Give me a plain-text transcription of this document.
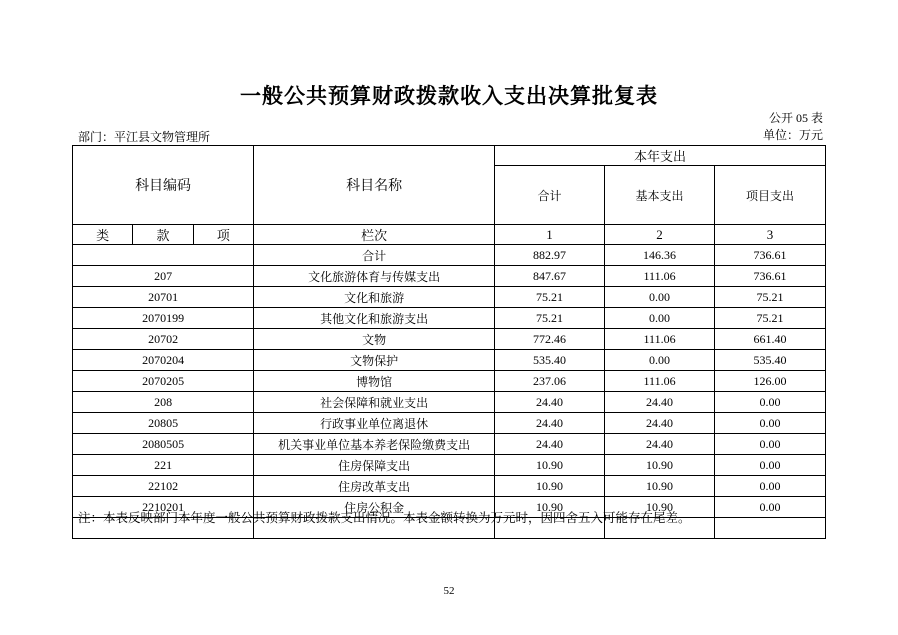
一般公共预算财政拨款收入支出决算批复表
公开 05 表
单位：万元
部门：平江县文物管理所
科目编码			科目名称	本年支出		
				合计	基本支出	项目支出
类	款	项	栏次	1	2	3
			合计	882.97	146.36	736.61
207			文化旅游体育与传媒支出	847.67	111.06	736.61
20701			文化和旅游	75.21	0.00	75.21
2070199			其他文化和旅游支出	75.21	0.00	75.21
20702			文物	772.46	111.06	661.40
2070204			文物保护	535.40	0.00	535.40
2070205			博物馆	237.06	111.06	126.00
208			社会保障和就业支出	24.40	24.40	0.00
20805			行政事业单位离退休	24.40	24.40	0.00
2080505			机关事业单位基本养老保险缴费支出	24.40	24.40	0.00
221			住房保障支出	10.90	10.90	0.00
22102			住房改革支出	10.90	10.90	0.00
2210201			住房公积金	10.90	10.90	0.00

注：本表反映部门本年度一般公共预算财政拨款支出情况。本表金额转换为万元时，因四舍五入可能存在尾差。
52
